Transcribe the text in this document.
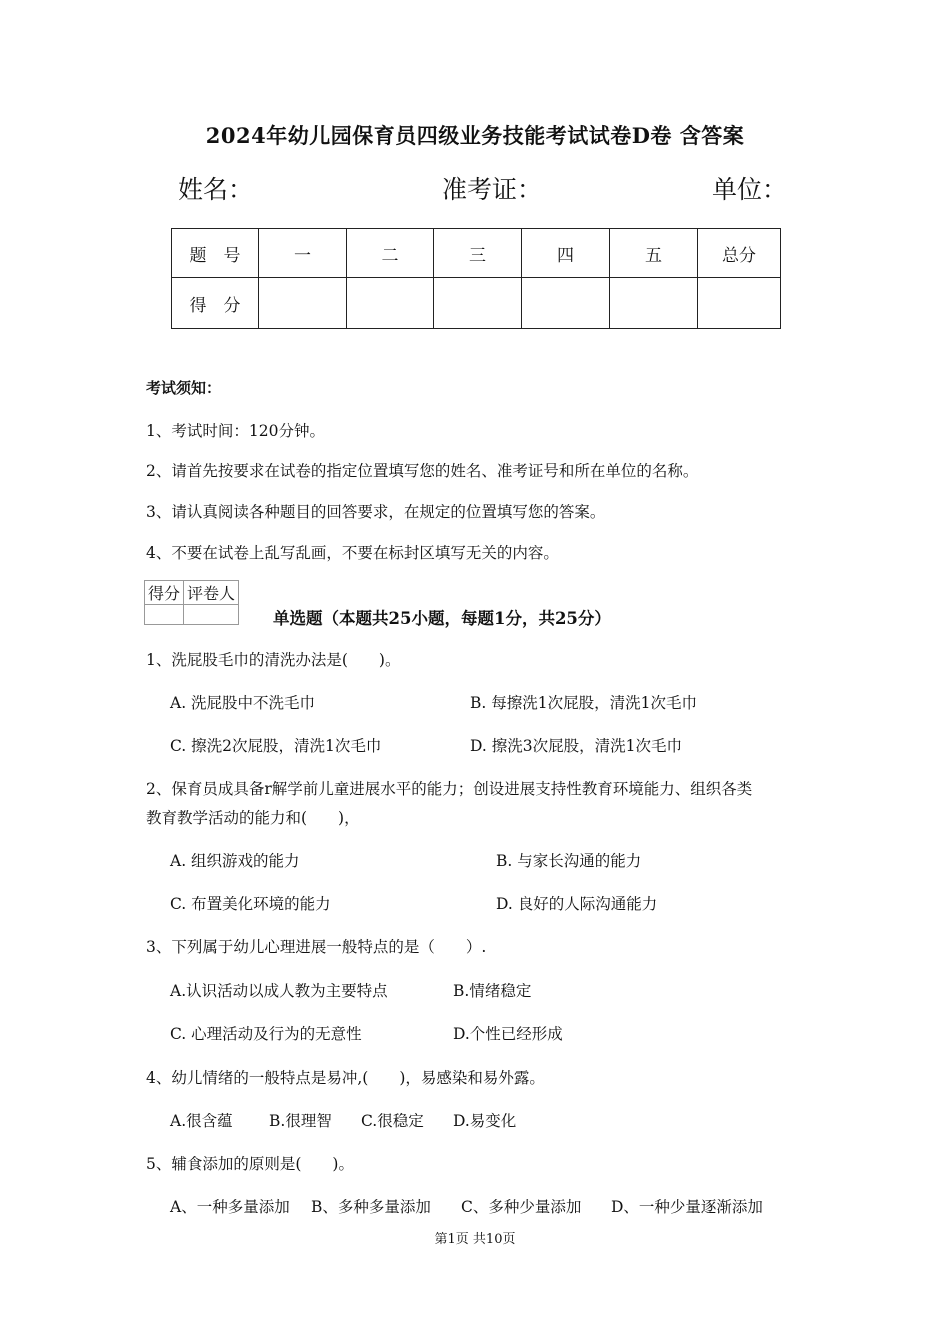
2024年幼儿园保育员四级业务技能考试试卷D卷 含答案
姓名：	准考证：	单位：
题　号	一	二	三	四	五	总分
得　分						
考试须知：
1、考试时间：120分钟。
2、请首先按要求在试卷的指定位置填写您的姓名、准考证号和所在单位的名称。
3、请认真阅读各种题目的回答要求，在规定的位置填写您的答案。
4、不要在试卷上乱写乱画，不要在标封区填写无关的内容。
得分	评卷人

单选题（本题共25小题，每题1分，共25分）
1、洗屁股毛巾的清洗办法是(　　)。
A. 洗屁股中不洗毛巾	B. 每擦洗1次屁股，清洗1次毛巾
C. 擦洗2次屁股，清洗1次毛巾	D. 擦洗3次屁股，清洗1次毛巾
2、保育员成具备r解学前儿童进展水平的能力；创设进展支持性教育环境能力、组织各类
教育教学活动的能力和(　　)，
A. 组织游戏的能力	B. 与家长沟通的能力
C. 布置美化环境的能力	D. 良好的人际沟通能力
3、下列属于幼儿心理进展一般特点的是（　　）.
A.认识活动以成人教为主要特点	B.情绪稳定
C. 心理活动及行为的无意性	D.个性已经形成
4、幼儿情绪的一般特点是易冲,(　　)，易感染和易外露。
A.很含蕴 B.很理智 C.很稳定 D.易变化
5、辅食添加的原则是(　　)。
A、一种多量添加 B、多种多量添加 C、多种少量添加 D、一种少量逐渐添加
第1页 共10页
